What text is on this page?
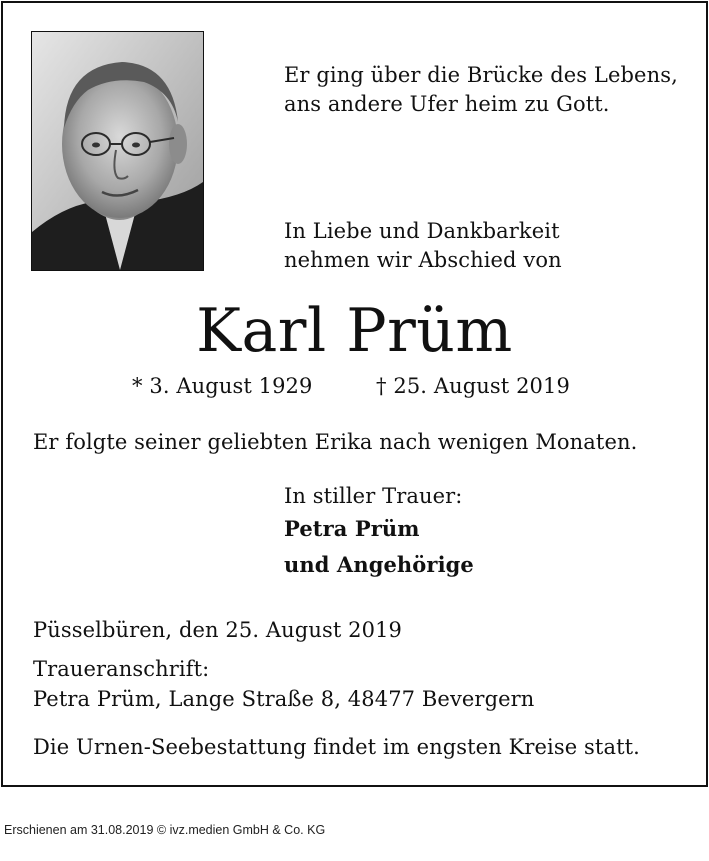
Er ging über die Brücke des Lebens,
ans andere Ufer heim zu Gott.
In Liebe und Dankbarkeit
nehmen wir Abschied von
Karl Prüm
* 3. August 1929	† 25. August 2019
Er folgte seiner geliebten Erika nach wenigen Monaten.
In stiller Trauer:
Petra Prüm
und Angehörige
Püsselbüren, den 25. August 2019
Traueranschrift:
Petra Prüm, Lange Straße 8, 48477 Bevergern
Die Urnen-Seebestattung findet im engsten Kreise statt.
Erschienen am 31.08.2019 © ivz.medien GmbH & Co. KG
